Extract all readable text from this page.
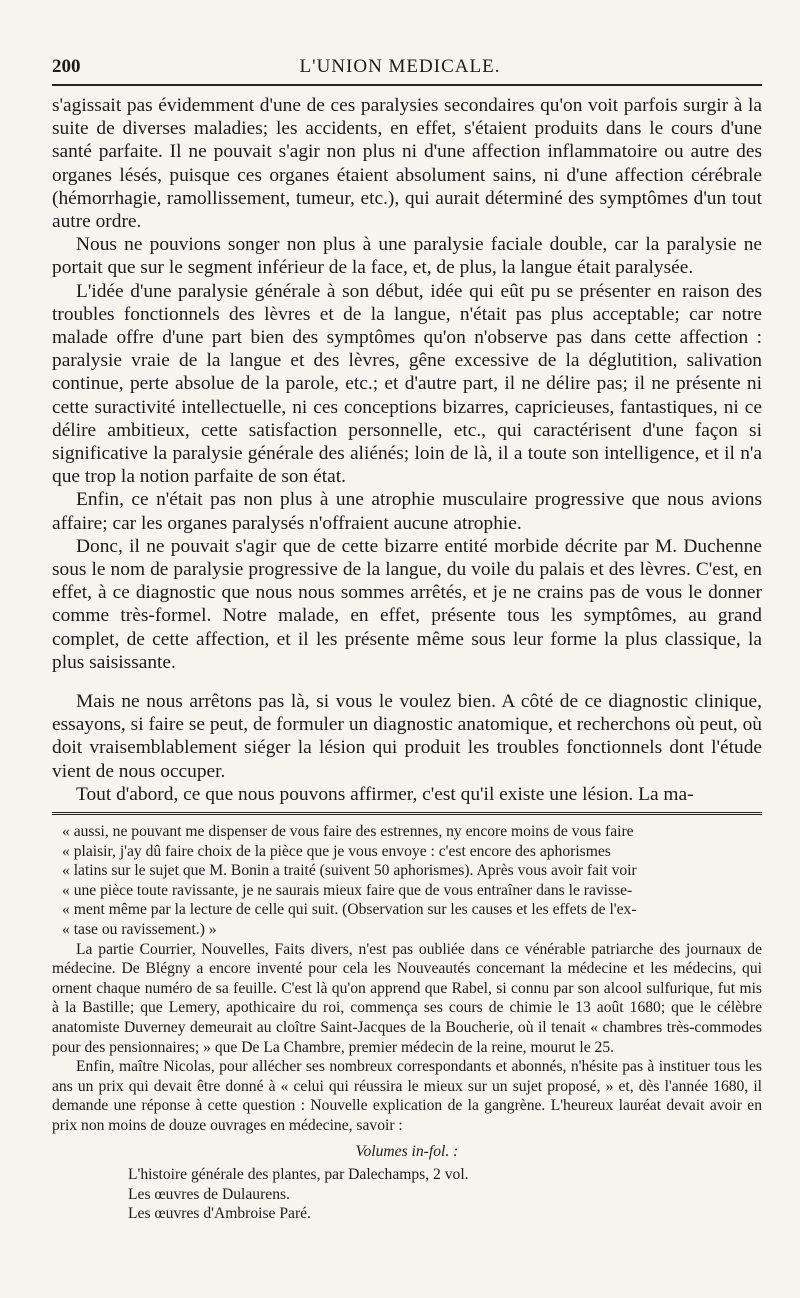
200	L'UNION MEDICALE.

s'agissait pas évidemment d'une de ces paralysies secondaires qu'on voit parfois surgir à la suite de diverses maladies; les accidents, en effet, s'étaient produits dans le cours d'une santé parfaite. Il ne pouvait s'agir non plus ni d'une affection inflammatoire ou autre des organes lésés, puisque ces organes étaient absolument sains, ni d'une affection cérébrale (hémorrhagie, ramollissement, tumeur, etc.), qui aurait déterminé des symptômes d'un tout autre ordre.

Nous ne pouvions songer non plus à une paralysie faciale double, car la paralysie ne portait que sur le segment inférieur de la face, et, de plus, la langue était paralysée.

L'idée d'une paralysie générale à son début, idée qui eût pu se présenter en raison des troubles fonctionnels des lèvres et de la langue, n'était pas plus acceptable; car notre malade offre d'une part bien des symptômes qu'on n'observe pas dans cette affection : paralysie vraie de la langue et des lèvres, gêne excessive de la déglutition, salivation continue, perte absolue de la parole, etc.; et d'autre part, il ne délire pas; il ne présente ni cette suractivité intellectuelle, ni ces conceptions bizarres, capricieuses, fantastiques, ni ce délire ambitieux, cette satisfaction personnelle, etc., qui caractérisent d'une façon si significative la paralysie générale des aliénés; loin de là, il a toute son intelligence, et il n'a que trop la notion parfaite de son état.

Enfin, ce n'était pas non plus à une atrophie musculaire progressive que nous avions affaire; car les organes paralysés n'offraient aucune atrophie.

Donc, il ne pouvait s'agir que de cette bizarre entité morbide décrite par M. Duchenne sous le nom de paralysie progressive de la langue, du voile du palais et des lèvres. C'est, en effet, à ce diagnostic que nous nous sommes arrêtés, et je ne crains pas de vous le donner comme très-formel. Notre malade, en effet, présente tous les symptômes, au grand complet, de cette affection, et il les présente même sous leur forme la plus classique, la plus saisissante.

Mais ne nous arrêtons pas là, si vous le voulez bien. A côté de ce diagnostic clinique, essayons, si faire se peut, de formuler un diagnostic anatomique, et recherchons où peut, où doit vraisemblablement siéger la lésion qui produit les troubles fonctionnels dont l'étude vient de nous occuper.

Tout d'abord, ce que nous pouvons affirmer, c'est qu'il existe une lésion. La ma-

« aussi, ne pouvant me dispenser de vous faire des estrennes, ny encore moins de vous faire

« plaisir, j'ay dû faire choix de la pièce que je vous envoye : c'est encore des aphorismes

« latins sur le sujet que M. Bonin a traité (suivent 50 aphorismes). Après vous avoir fait voir

« une pièce toute ravissante, je ne saurais mieux faire que de vous entraîner dans le ravisse-

« ment même par la lecture de celle qui suit. (Observation sur les causes et les effets de l'ex-

« tase ou ravissement.) »

La partie Courrier, Nouvelles, Faits divers, n'est pas oubliée dans ce vénérable patriarche des journaux de médecine. De Blégny a encore inventé pour cela les Nouveautés concernant la médecine et les médecins, qui ornent chaque numéro de sa feuille. C'est là qu'on apprend que Rabel, si connu par son alcool sulfurique, fut mis à la Bastille; que Lemery, apothicaire du roi, commença ses cours de chimie le 13 août 1680; que le célèbre anatomiste Duverney demeurait au cloître Saint-Jacques de la Boucherie, où il tenait « chambres très-commodes pour des pensionnaires; » que De La Chambre, premier médecin de la reine, mourut le 25.

Enfin, maître Nicolas, pour allécher ses nombreux correspondants et abonnés, n'hésite pas à instituer tous les ans un prix qui devait être donné à « celui qui réussira le mieux sur un sujet proposé, » et, dès l'année 1680, il demande une réponse à cette question : Nouvelle explication de la gangrène. L'heureux lauréat devait avoir en prix non moins de douze ouvrages en médecine, savoir :

Volumes in-fol. :

L'histoire générale des plantes, par Dalechamps, 2 vol.

Les œuvres de Dulaurens.

Les œuvres d'Ambroise Paré.
